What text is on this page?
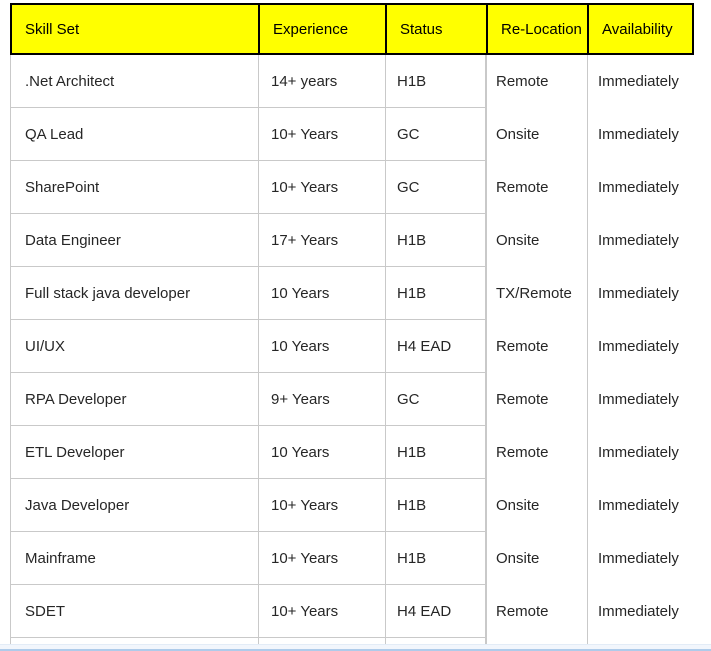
Skill Set	Experience	Status	Re-Location	Availability
.Net Architect	14+ years	H1B	Remote	Immediately
QA Lead	10+ Years	GC	Onsite	Immediately
SharePoint	10+ Years	GC	Remote	Immediately
Data Engineer	17+ Years	H1B	Onsite	Immediately
Full stack java developer	10 Years	H1B	TX/Remote	Immediately
UI/UX	10 Years	H4 EAD	Remote	Immediately
RPA Developer	9+ Years	GC	Remote	Immediately
ETL Developer	10 Years	H1B	Remote	Immediately
Java Developer	10+ Years	H1B	Onsite	Immediately
Mainframe	10+ Years	H1B	Onsite	Immediately
SDET	10+ Years	H4 EAD	Remote	Immediately
